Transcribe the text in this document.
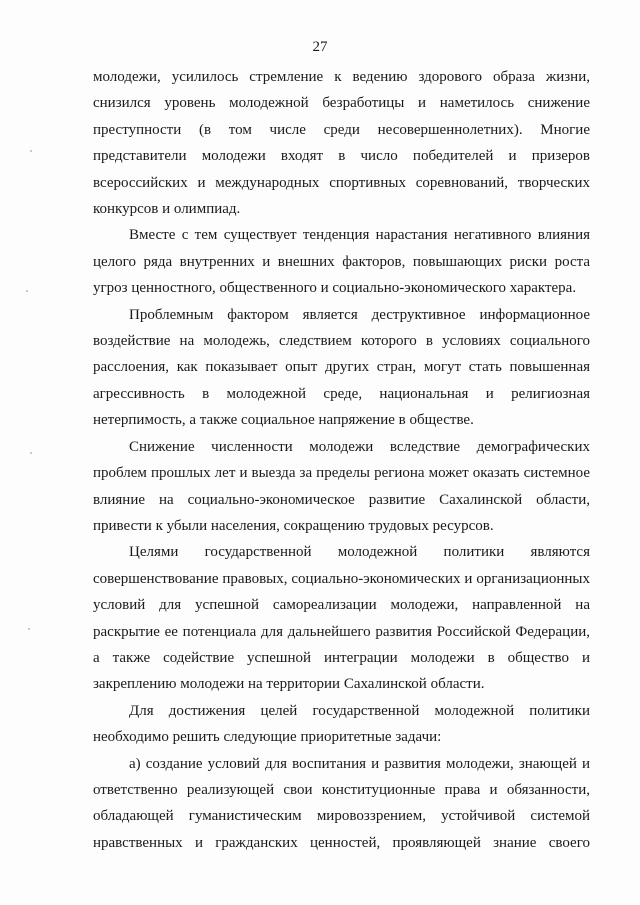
27

молодежи, усилилось стремление к ведению здорового образа жизни,
снизился уровень молодежной безработицы и наметилось снижение
преступности (в том числе среди несовершеннолетних). Многие
представители молодежи входят в число победителей и призеров
всероссийских и международных спортивных соревнований, творческих
конкурсов и олимпиад.

Вместе с тем существует тенденция нарастания негативного влияния
целого ряда внутренних и внешних факторов, повышающих риски роста
угроз ценностного, общественного и социально-экономического характера.

Проблемным фактором является деструктивное информационное
воздействие на молодежь, следствием которого в условиях социального
расслоения, как показывает опыт других стран, могут стать повышенная
агрессивность в молодежной среде, национальная и религиозная
нетерпимость, а также социальное напряжение в обществе.

Снижение численности молодежи вследствие демографических
проблем прошлых лет и выезда за пределы региона может оказать системное
влияние на социально-экономическое развитие Сахалинской области,
привести к убыли населения, сокращению трудовых ресурсов.

Целями государственной молодежной политики являются
совершенствование правовых, социально-экономических и организационных
условий для успешной самореализации молодежи, направленной на
раскрытие ее потенциала для дальнейшего развития Российской Федерации,
а также содействие успешной интеграции молодежи в общество и
закреплению молодежи на территории Сахалинской области.

Для достижения целей государственной молодежной политики
необходимо решить следующие приоритетные задачи:

а) создание условий для воспитания и развития молодежи, знающей и
ответственно реализующей свои конституционные права и обязанности,
обладающей гуманистическим мировоззрением, устойчивой системой
нравственных и гражданских ценностей, проявляющей знание своего
